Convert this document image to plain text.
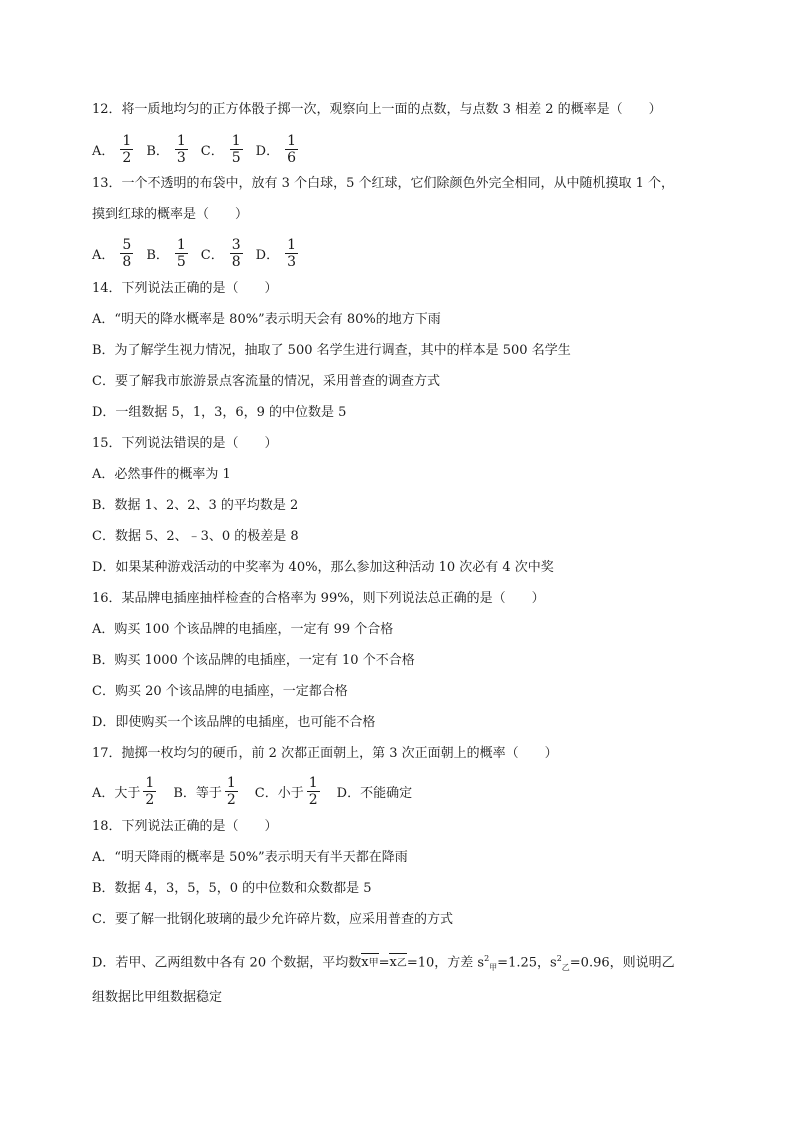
12．将一质地均匀的正方体骰子掷一次，观察向上一面的点数，与点数 3 相差 2 的概率是（　　）
A． $\frac{1}{2}$ B． $\frac{1}{3}$ C． $\frac{1}{5}$ D． $\frac{1}{6}$
13．一个不透明的布袋中，放有 3 个白球，5 个红球，它们除颜色外完全相同，从中随机摸取 1 个，
摸到红球的概率是（　　）
A． $\frac{5}{8}$ B． $\frac{1}{5}$ C． $\frac{3}{8}$ D． $\frac{1}{3}$
14．下列说法正确的是（　　）
A．“明天的降水概率是 80%”表示明天会有 80%的地方下雨
B．为了解学生视力情况，抽取了 500 名学生进行调查，其中的样本是 500 名学生
C．要了解我市旅游景点客流量的情况，采用普查的调查方式
D．一组数据 5，1，3，6，9 的中位数是 5
15．下列说法错误的是（　　）
A．必然事件的概率为 1
B．数据 1、2、2、3 的平均数是 2
C．数据 5、2、﹣3、0 的极差是 8
D．如果某种游戏活动的中奖率为 40%，那么参加这种活动 10 次必有 4 次中奖
16．某品牌电插座抽样检查的合格率为 99%，则下列说法总正确的是（　　）
A．购买 100 个该品牌的电插座，一定有 99 个合格
B．购买 1000 个该品牌的电插座，一定有 10 个不合格
C．购买 20 个该品牌的电插座，一定都合格
D．即使购买一个该品牌的电插座，也可能不合格
17．抛掷一枚均匀的硬币，前 2 次都正面朝上，第 3 次正面朝上的概率（　　）
A．大于 $\frac{1}{2}$ B．等于 $\frac{1}{2}$ C．小于 $\frac{1}{2}$ D．不能确定
18．下列说法正确的是（　　）
A．“明天降雨的概率是 50%”表示明天有半天都在降雨
B．数据 4，3，5，5，0 的中位数和众数都是 5
C．要了解一批钢化玻璃的最少允许碎片数，应采用普查的方式
D．若甲、乙两组数中各有 20 个数据，平均数x甲=x乙=10，方差 $s^2_甲=1.25$，$s^2_乙=0.96$，则说明乙
组数据比甲组数据稳定
